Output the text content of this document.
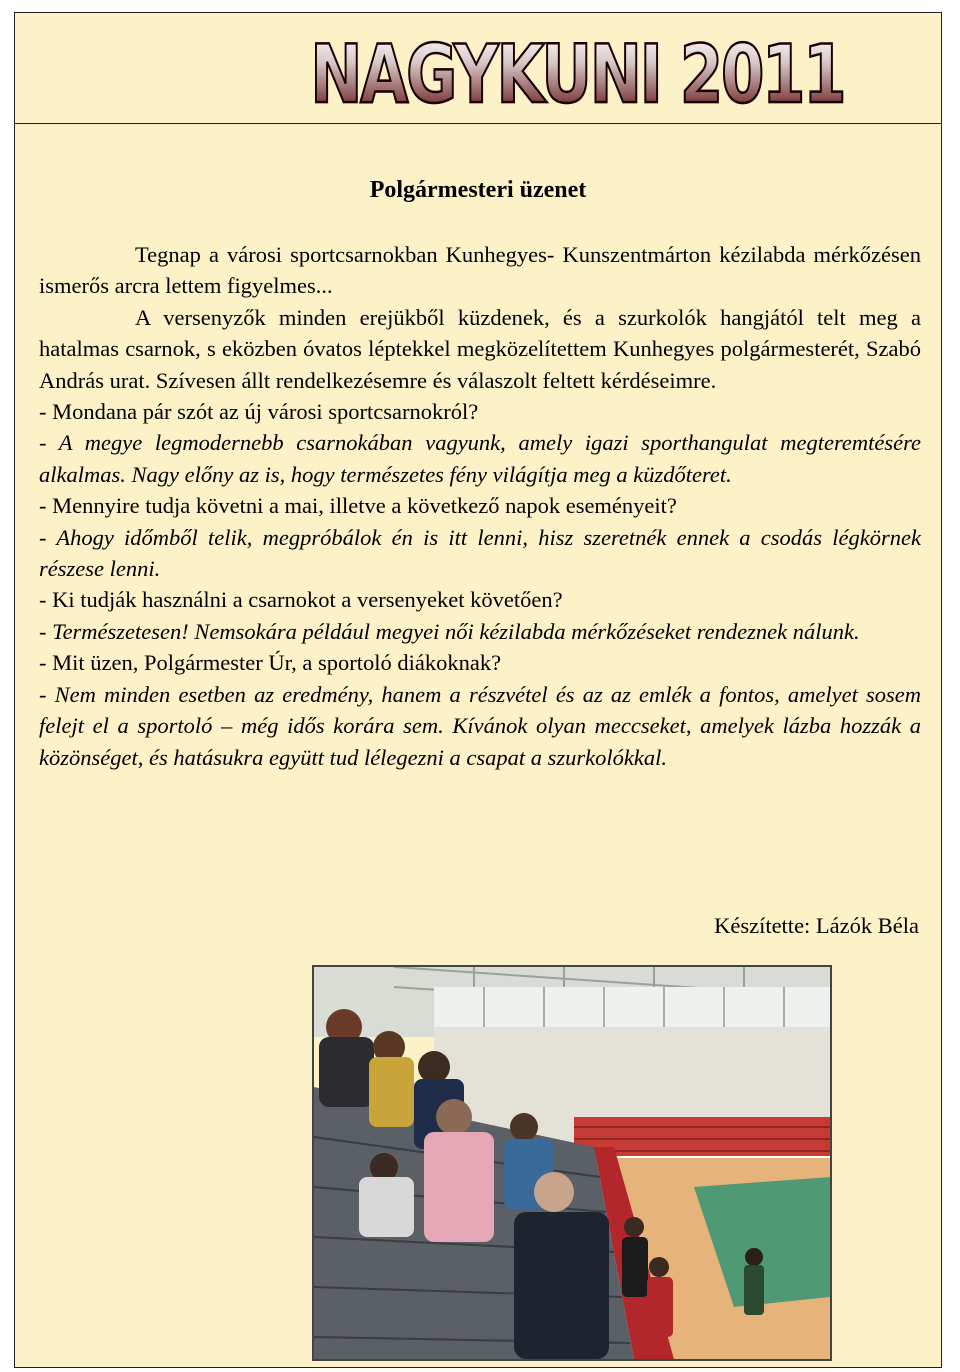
NAGYKUNI 2011
Polgármesteri üzenet

Tegnap a városi sportcsarnokban Kunhegyes- Kunszentmárton kézilabda mérkőzésen ismerős arcra lettem figyelmes...

A versenyzők minden erejükből küzdenek, és a szurkolók hangjától telt meg a hatalmas csarnok, s eközben óvatos léptekkel megközelítettem Kunhegyes polgármesterét, Szabó András urat. Szívesen állt rendelkezésemre és válaszolt feltett kérdéseimre.

- Mondana pár szót az új városi sportcsarnokról?

- A megye legmodernebb csarnokában vagyunk, amely igazi sporthangulat megteremtésére alkalmas. Nagy előny az is, hogy természetes fény világítja meg a küzdőteret.

- Mennyire tudja követni a mai, illetve a következő napok eseményeit?

- Ahogy időmből telik, megpróbálok én is itt lenni, hisz szeretnék ennek a csodás légkörnek részese lenni.

- Ki tudják használni a csarnokot a versenyeket követően?

- Természetesen! Nemsokára például megyei női kézilabda mérkőzéseket rendeznek nálunk.

- Mit üzen, Polgármester Úr, a sportoló diákoknak?

- Nem minden esetben az eredmény, hanem a részvétel és az az emlék a fontos, amelyet sosem felejt el a sportoló – még idős korára sem. Kívánok olyan meccseket, amelyek lázba hozzák a közönséget, és hatásukra együtt tud lélegezni a csapat a szurkolókkal.

Készítette: Lázók Béla
